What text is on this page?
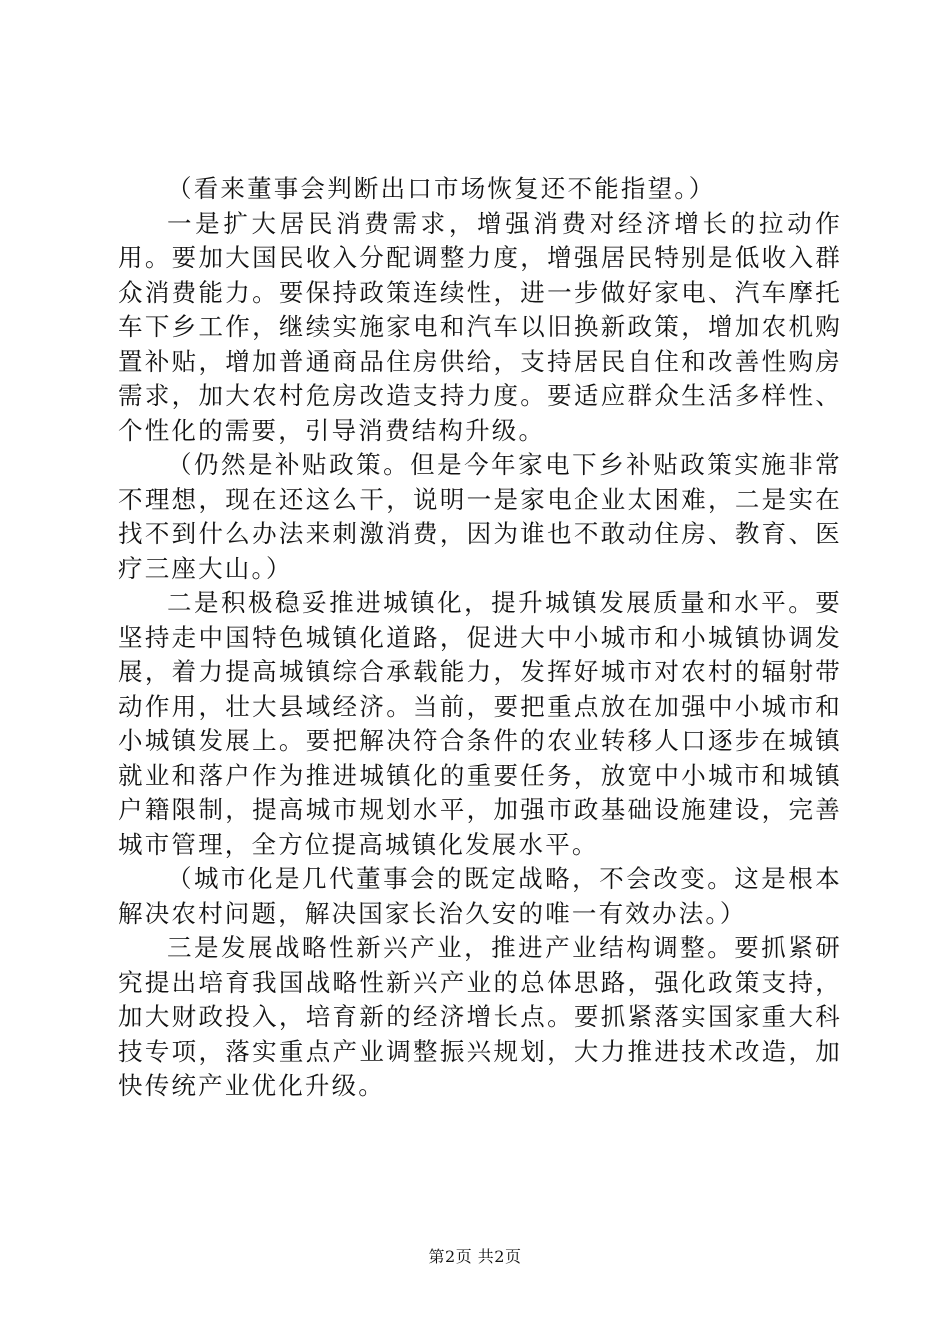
（看来董事会判断出口市场恢复还不能指望。）

一是扩大居民消费需求，增强消费对经济增长的拉动作用。要加大国民收入分配调整力度，增强居民特别是低收入群众消费能力。要保持政策连续性，进一步做好家电、汽车摩托车下乡工作，继续实施家电和汽车以旧换新政策，增加农机购置补贴，增加普通商品住房供给，支持居民自住和改善性购房需求，加大农村危房改造支持力度。要适应群众生活多样性、个性化的需要，引导消费结构升级。

（仍然是补贴政策。但是今年家电下乡补贴政策实施非常不理想，现在还这么干，说明一是家电企业太困难，二是实在找不到什么办法来刺激消费，因为谁也不敢动住房、教育、医疗三座大山。）

二是积极稳妥推进城镇化，提升城镇发展质量和水平。要坚持走中国特色城镇化道路，促进大中小城市和小城镇协调发展，着力提高城镇综合承载能力，发挥好城市对农村的辐射带动作用，壮大县域经济。当前，要把重点放在加强中小城市和小城镇发展上。要把解决符合条件的农业转移人口逐步在城镇就业和落户作为推进城镇化的重要任务，放宽中小城市和城镇户籍限制，提高城市规划水平，加强市政基础设施建设，完善城市管理，全方位提高城镇化发展水平。

（城市化是几代董事会的既定战略，不会改变。这是根本解决农村问题，解决国家长治久安的唯一有效办法。）

三是发展战略性新兴产业，推进产业结构调整。要抓紧研究提出培育我国战略性新兴产业的总体思路，强化政策支持，加大财政投入，培育新的经济增长点。要抓紧落实国家重大科技专项，落实重点产业调整振兴规划，大力推进技术改造，加快传统产业优化升级。

第2页 共2页
